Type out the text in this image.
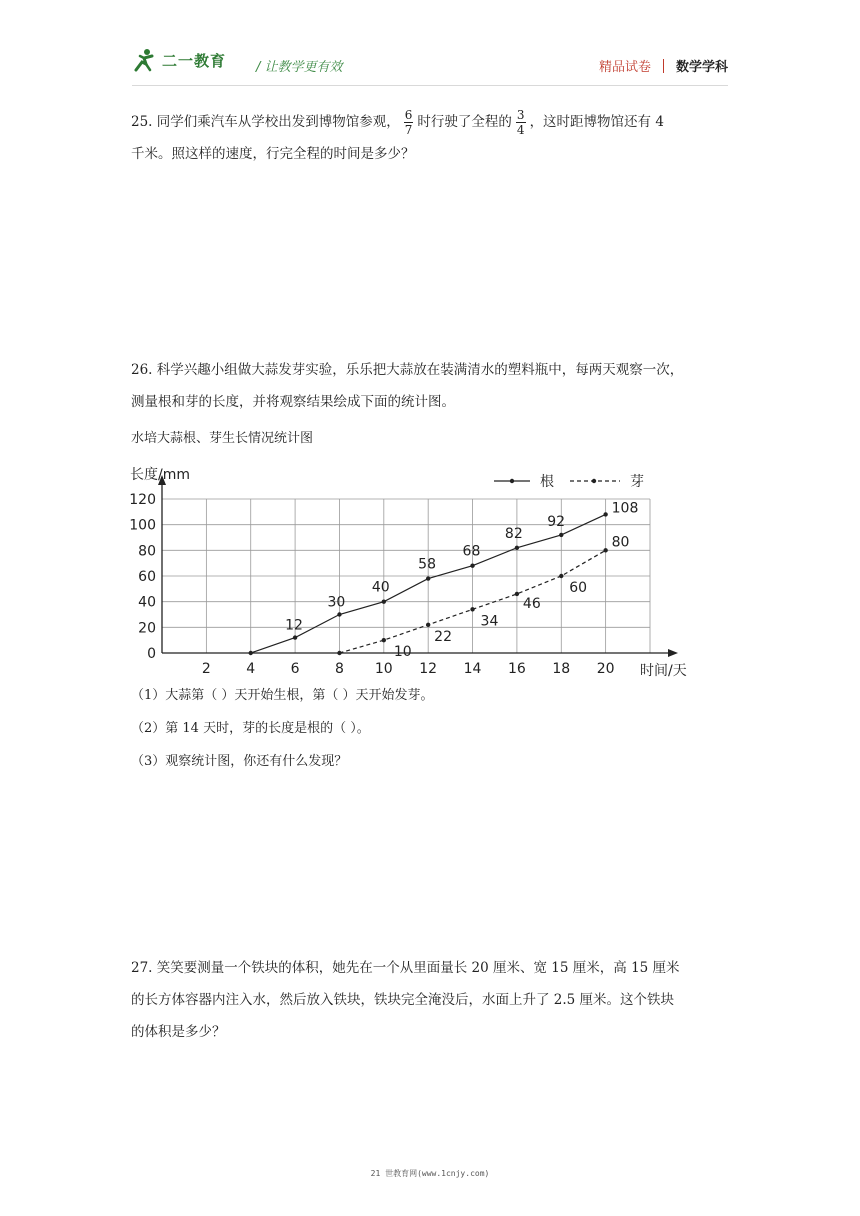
二一教育 / 让教学更有效	精品试卷 数学学科
25. 同学们乘汽车从学校出发到博物馆参观， $\frac{6}{7}$ 时行驶了全程的 $\frac{3}{4}$ ，这时距博物馆还有 4
千米。照这样的速度，行完全程的时间是多少？
26. 科学兴趣小组做大蒜发芽实验，乐乐把大蒜放在装满清水的塑料瓶中，每两天观察一次，
测量根和芽的长度，并将观察结果绘成下面的统计图。
水培大蒜根、芽生长情况统计图
0
20
40
60
80
100
120
2	4	6	8 10 12 14 16 18 20
长度/mm
时间/天
12
30
40
58
68
82
92
108
10
22
34
46
60
80
根	芽
（1）大蒜第（ ）天开始生根，第（ ）天开始发芽。
（2）第 14 天时，芽的长度是根的（ ）。
（3）观察统计图，你还有什么发现？
27. 笑笑要测量一个铁块的体积，她先在一个从里面量长 20 厘米、宽 15 厘米，高 15 厘米
的长方体容器内注入水，然后放入铁块，铁块完全淹没后，水面上升了 2.5 厘米。这个铁块
的体积是多少？
21 世教育网(www.1cnjy.com)
